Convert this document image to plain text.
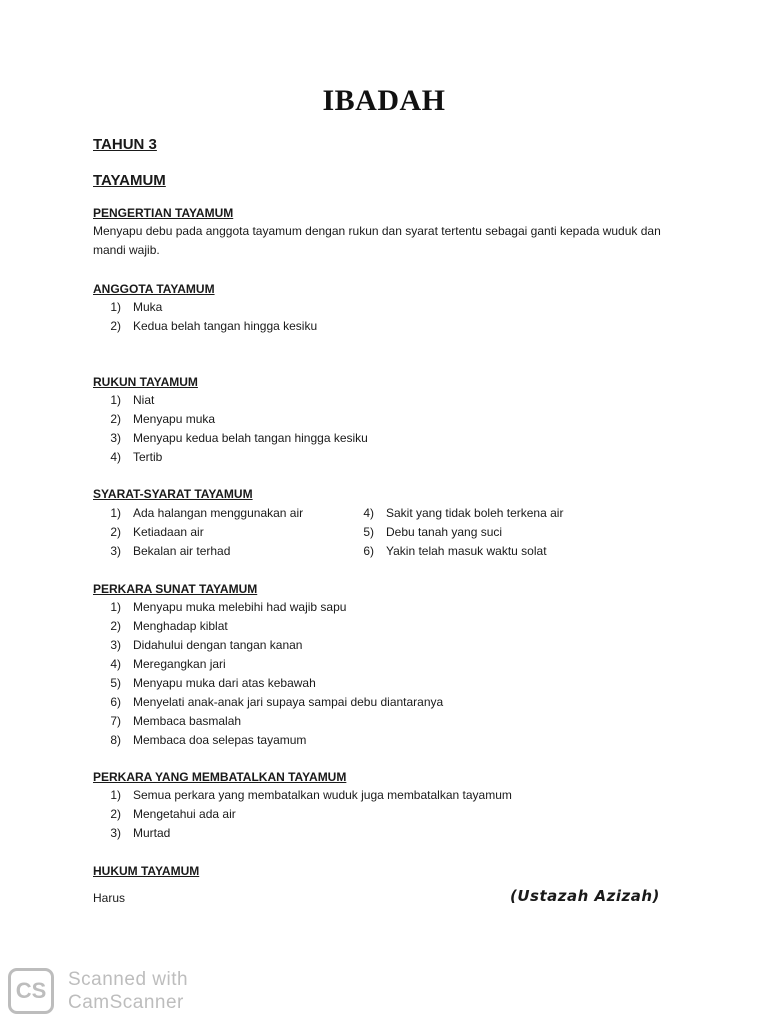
IBADAH
TAHUN 3
TAYAMUM
PENGERTIAN TAYAMUM
Menyapu debu pada anggota tayamum dengan rukun dan syarat tertentu sebagai ganti kepada wuduk dan mandi wajib.
ANGGOTA TAYAMUM
1) Muka
2) Kedua belah tangan hingga kesiku
RUKUN TAYAMUM
1) Niat
2) Menyapu muka
3) Menyapu kedua belah tangan hingga kesiku
4) Tertib
SYARAT-SYARAT TAYAMUM
1) Ada halangan menggunakan air
2) Ketiadaan air
3) Bekalan air terhad
4) Sakit yang tidak boleh terkena air
5) Debu tanah yang suci
6) Yakin telah masuk waktu solat
PERKARA SUNAT TAYAMUM
1) Menyapu muka melebihi had wajib sapu
2) Menghadap kiblat
3) Didahului dengan tangan kanan
4) Meregangkan jari
5) Menyapu muka dari atas kebawah
6) Menyelati anak-anak jari supaya sampai debu diantaranya
7) Membaca basmalah
8) Membaca doa selepas tayamum
PERKARA YANG MEMBATALKAN TAYAMUM
1) Semua perkara yang membatalkan wuduk juga membatalkan tayamum
2) Mengetahui ada air
3) Murtad
HUKUM TAYAMUM
Harus	(Ustazah Azizah)
CS	Scanned with
CamScanner
